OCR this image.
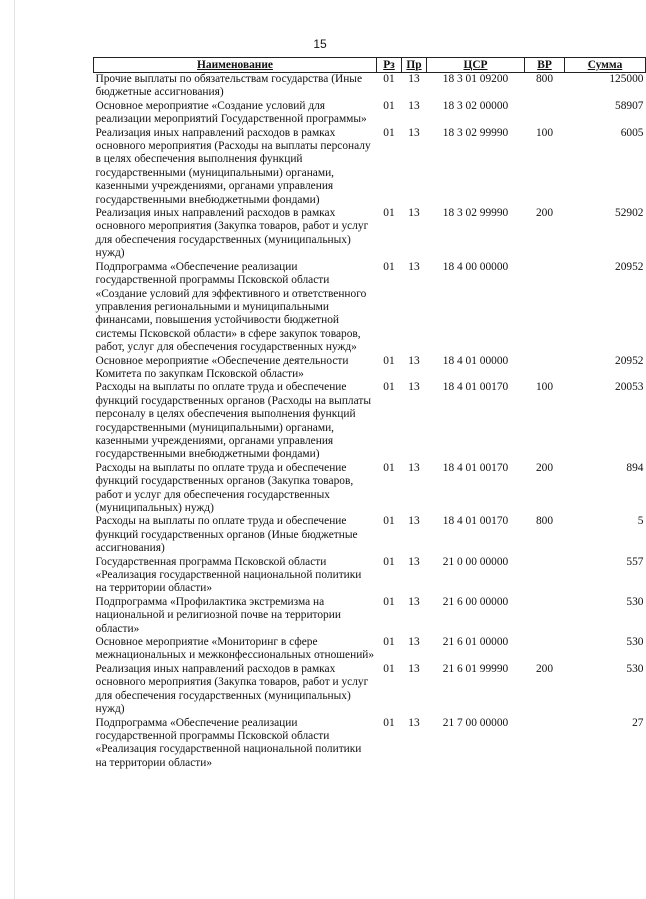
15
Наименование	Рз	Пр	ЦСР	ВР	Сумма
Прочие выплаты по обязательствам государства (Иные бюджетные ассигнования)	01	13	18 3 01 09200	800	125000
Основное мероприятие «Создание условий для реализации мероприятий Государственной программы»	01	13	18 3 02 00000		58907
Реализация иных направлений расходов в рамках основного мероприятия (Расходы на выплаты персоналу в целях обеспечения выполнения функций государственными (муниципальными) органами, казенными учреждениями, органами управления государственными внебюджетными фондами)	01	13	18 3 02 99990	100	6005
Реализация иных направлений расходов в рамках основного мероприятия (Закупка товаров, работ и услуг для обеспечения государственных (муниципальных) нужд)	01	13	18 3 02 99990	200	52902
Подпрограмма «Обеспечение реализации государственной программы Псковской области «Создание условий для эффективного и ответственного управления региональными и муниципальными финансами, повышения устойчивости бюджетной системы Псковской области» в сфере закупок товаров, работ, услуг для обеспечения государственных нужд»	01	13	18 4 00 00000		20952
Основное мероприятие «Обеспечение деятельности Комитета по закупкам Псковской области»	01	13	18 4 01 00000		20952
Расходы на выплаты по оплате труда и обеспечение функций государственных органов (Расходы на выплаты персоналу в целях обеспечения выполнения функций государственными (муниципальными) органами, казенными учреждениями, органами управления государственными внебюджетными фондами)	01	13	18 4 01 00170	100	20053
Расходы на выплаты по оплате труда и обеспечение функций государственных органов (Закупка товаров, работ и услуг для обеспечения государственных (муниципальных) нужд)	01	13	18 4 01 00170	200	894
Расходы на выплаты по оплате труда и обеспечение функций государственных органов (Иные бюджетные ассигнования)	01	13	18 4 01 00170	800	5
Государственная программа Псковской области «Реализация государственной национальной политики на территории области»	01	13	21 0 00 00000		557
Подпрограмма «Профилактика экстремизма на национальной и религиозной почве на территории области»	01	13	21 6 00 00000		530
Основное мероприятие «Мониторинг в сфере межнациональных и межконфессиональных отношений»	01	13	21 6 01 00000		530
Реализация иных направлений расходов в рамках основного мероприятия (Закупка товаров, работ и услуг для обеспечения государственных (муниципальных) нужд)	01	13	21 6 01 99990	200	530
Подпрограмма «Обеспечение реализации государственной программы Псковской области «Реализация государственной национальной политики на территории области»	01	13	21 7 00 00000		27
